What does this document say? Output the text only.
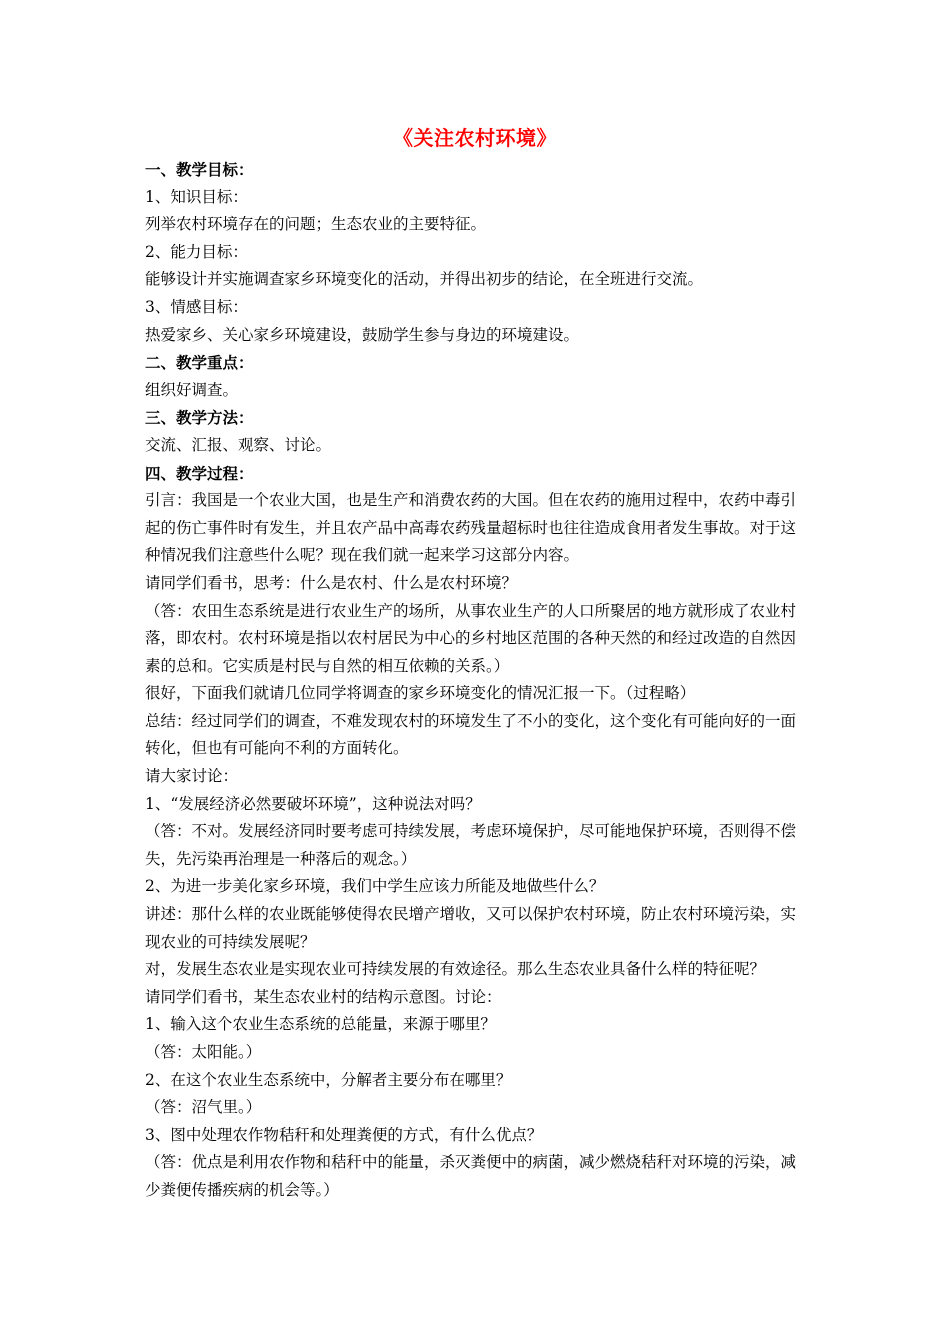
《关注农村环境》
一、教学目标：
1、知识目标：
列举农村环境存在的问题；生态农业的主要特征。
2、能力目标：
能够设计并实施调查家乡环境变化的活动，并得出初步的结论，在全班进行交流。
3、情感目标：
热爱家乡、关心家乡环境建设，鼓励学生参与身边的环境建设。
二、教学重点：
组织好调查。
三、教学方法：
交流、汇报、观察、讨论。
四、教学过程：
引言：我国是一个农业大国，也是生产和消费农药的大国。但在农药的施用过程中，农药中毒引起的伤亡事件时有发生，并且农产品中高毒农药残量超标时也往往造成食用者发生事故。对于这种情况我们注意些什么呢？现在我们就一起来学习这部分内容。
请同学们看书，思考：什么是农村、什么是农村环境？
（答：农田生态系统是进行农业生产的场所，从事农业生产的人口所聚居的地方就形成了农业村落，即农村。农村环境是指以农村居民为中心的乡村地区范围的各种天然的和经过改造的自然因素的总和。它实质是村民与自然的相互依赖的关系。）
很好，下面我们就请几位同学将调查的家乡环境变化的情况汇报一下。（过程略）
总结：经过同学们的调查，不难发现农村的环境发生了不小的变化，这个变化有可能向好的一面转化，但也有可能向不利的方面转化。
请大家讨论：
1、“发展经济必然要破坏环境”，这种说法对吗？
（答：不对。发展经济同时要考虑可持续发展，考虑环境保护，尽可能地保护环境，否则得不偿失，先污染再治理是一种落后的观念。）
2、为进一步美化家乡环境，我们中学生应该力所能及地做些什么？
讲述：那什么样的农业既能够使得农民增产增收，又可以保护农村环境，防止农村环境污染，实现农业的可持续发展呢？
对，发展生态农业是实现农业可持续发展的有效途径。那么生态农业具备什么样的特征呢？
请同学们看书，某生态农业村的结构示意图。讨论：
1、输入这个农业生态系统的总能量，来源于哪里？
（答：太阳能。）
2、在这个农业生态系统中，分解者主要分布在哪里？
（答：沼气里。）
3、图中处理农作物秸秆和处理粪便的方式，有什么优点？
（答：优点是利用农作物和秸秆中的能量，杀灭粪便中的病菌，减少燃烧秸秆对环境的污染，减少粪便传播疾病的机会等。）
